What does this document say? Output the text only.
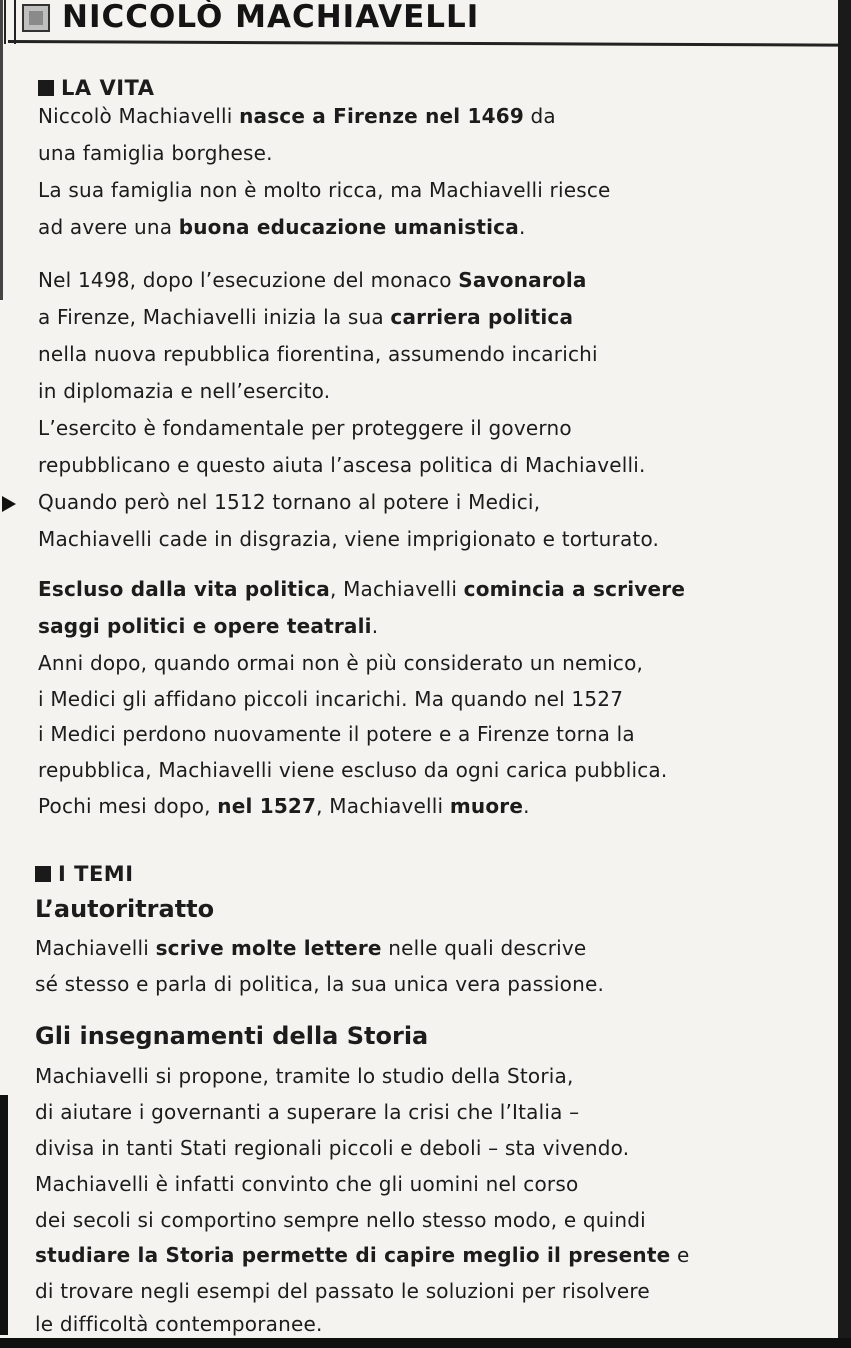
NICCOLÒ MACHIAVELLI
LA VITA
Niccolò Machiavelli nasce a Firenze nel 1469 da
una famiglia borghese.
La sua famiglia non è molto ricca, ma Machiavelli riesce
ad avere una buona educazione umanistica.
Nel 1498, dopo l’esecuzione del monaco Savonarola
a Firenze, Machiavelli inizia la sua carriera politica
nella nuova repubblica fiorentina, assumendo incarichi
in diplomazia e nell’esercito.
L’esercito è fondamentale per proteggere il governo
repubblicano e questo aiuta l’ascesa politica di Machiavelli.
Quando però nel 1512 tornano al potere i Medici,
Machiavelli cade in disgrazia, viene imprigionato e torturato.
Escluso dalla vita politica, Machiavelli comincia a scrivere
saggi politici e opere teatrali.
Anni dopo, quando ormai non è più considerato un nemico,
i Medici gli affidano piccoli incarichi. Ma quando nel 1527
i Medici perdono nuovamente il potere e a Firenze torna la
repubblica, Machiavelli viene escluso da ogni carica pubblica.
Pochi mesi dopo, nel 1527, Machiavelli muore.
I TEMI
L’autoritratto
Machiavelli scrive molte lettere nelle quali descrive
sé stesso e parla di politica, la sua unica vera passione.
Gli insegnamenti della Storia
Machiavelli si propone, tramite lo studio della Storia,
di aiutare i governanti a superare la crisi che l’Italia –
divisa in tanti Stati regionali piccoli e deboli – sta vivendo.
Machiavelli è infatti convinto che gli uomini nel corso
dei secoli si comportino sempre nello stesso modo, e quindi
studiare la Storia permette di capire meglio il presente e
di trovare negli esempi del passato le soluzioni per risolvere
le difficoltà contemporanee.
